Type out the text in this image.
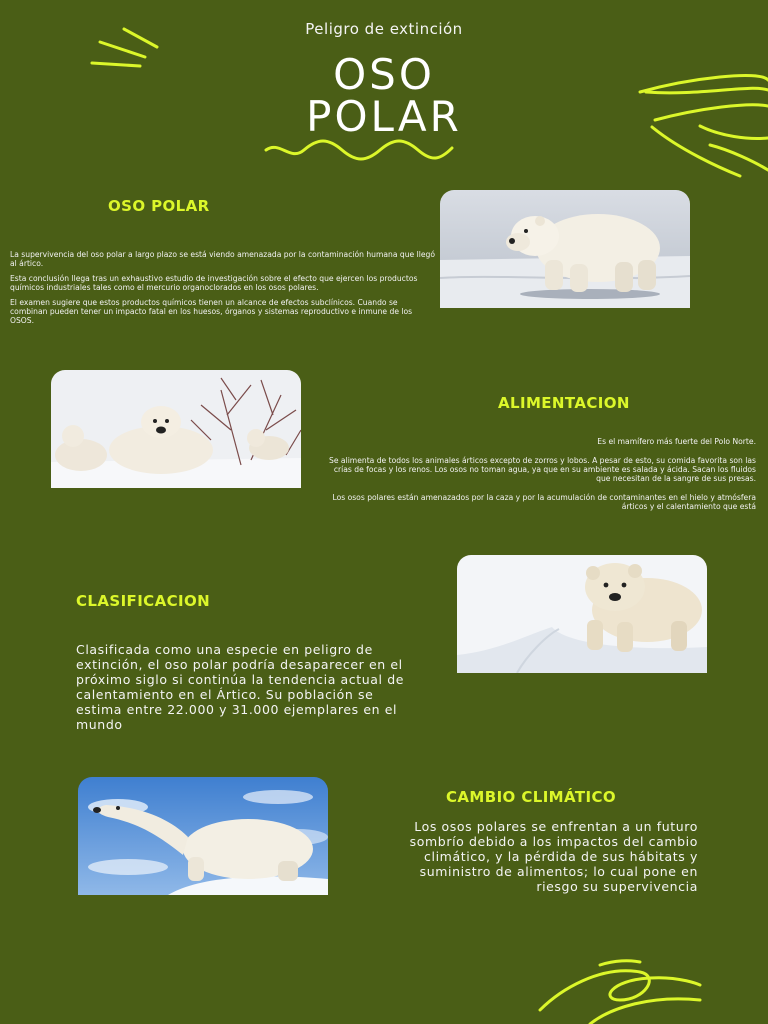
Peligro de extinción
OSO
POLAR
OSO POLAR

La supervivencia del oso polar a largo plazo se está viendo amenazada por la contaminación humana que llegó al ártico.

Esta conclusión llega tras un exhaustivo estudio de investigación sobre el efecto que ejercen los productos químicos industriales tales como el mercurio organoclorados en los osos polares.

El examen sugiere que estos productos químicos tienen un alcance de efectos subclínicos. Cuando se combinan pueden tener un impacto fatal en los huesos, órganos y sistemas reproductivo e inmune de los OSOS.

ALIMENTACION

Es el mamífero más fuerte del Polo Norte.

Se alimenta de todos los animales árticos excepto de zorros y lobos. A pesar de esto, su comida favorita son las crías de focas y los renos. Los osos no toman agua, ya que en su ambiente es salada y ácida. Sacan los fluidos que necesitan de la sangre de sus presas.

Los osos polares están amenazados por la caza y por la acumulación de contaminantes en el hielo y atmósfera árticos y el calentamiento que está

CLASIFICACION
Clasificada como una especie en peligro de extinción, el oso polar podría desaparecer en el próximo siglo si continúa la tendencia actual de calentamiento en el Ártico. Su población se estima entre 22.000 y 31.000 ejemplares en el mundo
CAMBIO CLIMÁTICO
Los osos polares se enfrentan a un futuro sombrío debido a los impactos del cambio climático, y la pérdida de sus hábitats y suministro de alimentos; lo cual pone en riesgo su supervivencia
